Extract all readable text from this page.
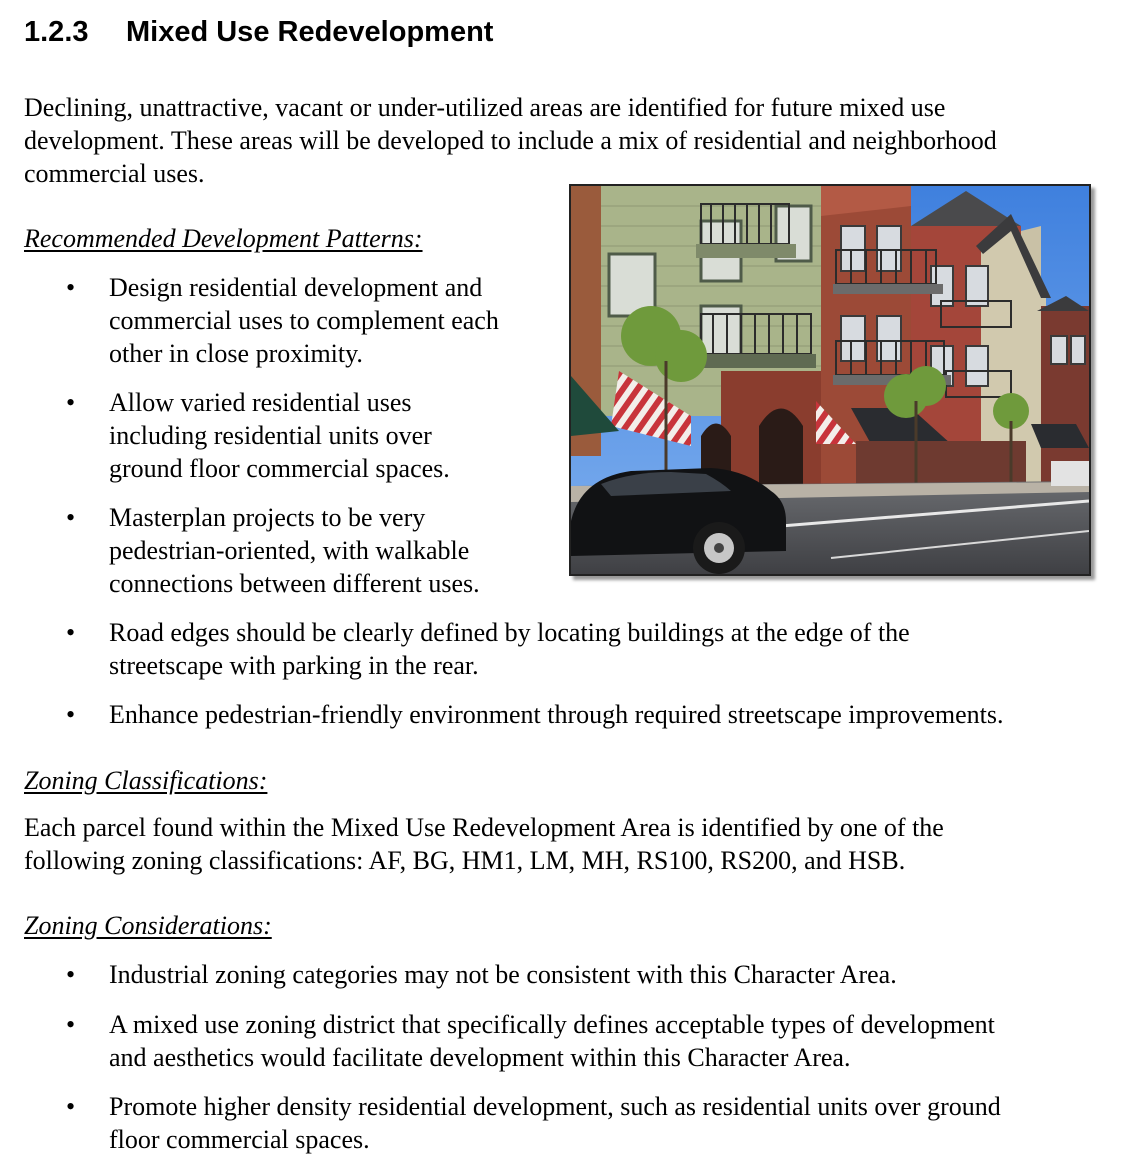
1.2.3 Mixed Use Redevelopment
Declining, unattractive, vacant or under-utilized areas are identified for future mixed use
development. These areas will be developed to include a mix of residential and neighborhood
commercial uses.
Recommended Development Patterns:
• Design residential development and
commercial uses to complement each
other in close proximity.
• Allow varied residential uses
including residential units over
ground floor commercial spaces.
• Masterplan projects to be very
pedestrian-oriented, with walkable
connections between different uses.
• Road edges should be clearly defined by locating buildings at the edge of the
streetscape with parking in the rear.
• Enhance pedestrian-friendly environment through required streetscape improvements.
Zoning Classifications:
Each parcel found within the Mixed Use Redevelopment Area is identified by one of the
following zoning classifications: AF, BG, HM1, LM, MH, RS100, RS200, and HSB.
Zoning Considerations:
• Industrial zoning categories may not be consistent with this Character Area.
• A mixed use zoning district that specifically defines acceptable types of development
and aesthetics would facilitate development within this Character Area.
• Promote higher density residential development, such as residential units over ground
floor commercial spaces.
